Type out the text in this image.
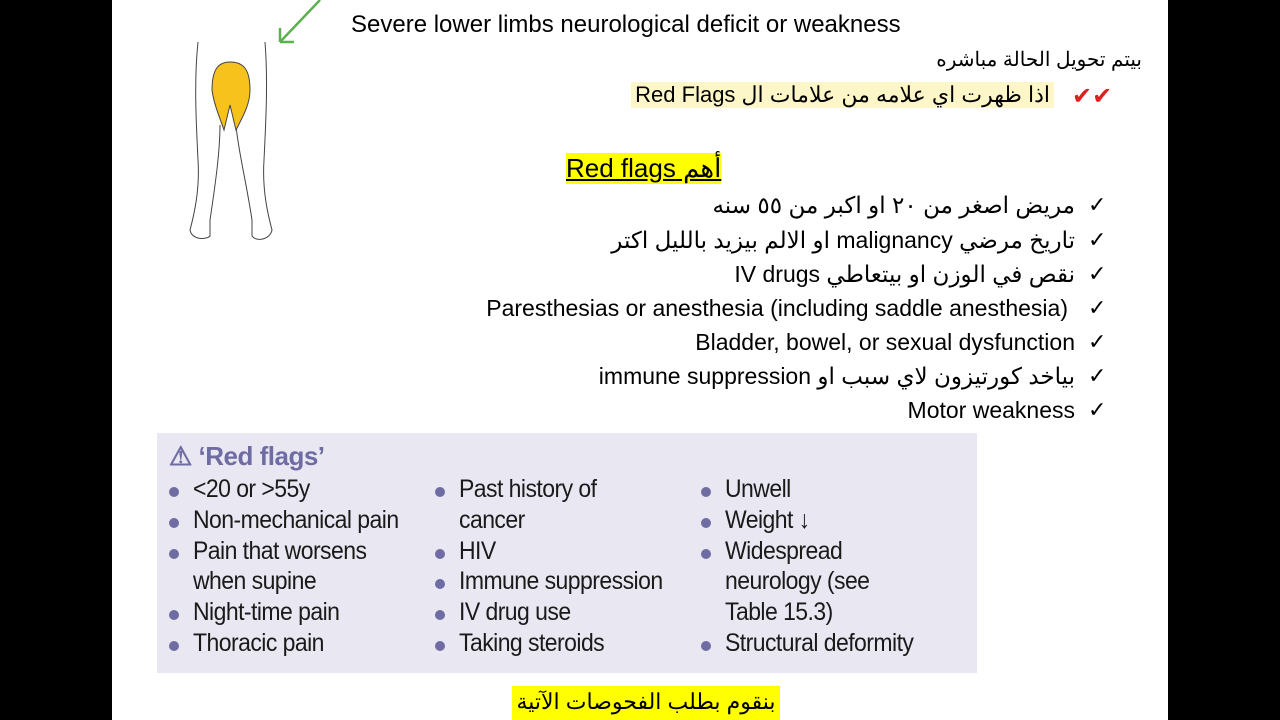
Severe lower limbs neurological deficit or weakness
بيتم تحويل الحالة مباشره
✔✔
اذا ظهرت اي علامه من علامات ال Red Flags
أهم Red flags
مريض اصغر من ٢٠ او اكبر من ٥٥ سنه
تاريخ مرضي malignancy او الالم بيزيد بالليل اكتر
نقص في الوزن او بيتعاطي IV drugs
Paresthesias or anesthesia (including saddle anesthesia)
Bladder, bowel, or sexual dysfunction
بياخد كورتيزون لاي سبب او immune suppression
Motor weakness
✓
✓
✓
✓
✓
✓
✓
⚠ ‘Red flags’
<20 or >55y
Non-mechanical pain
Pain that worsens
when supine
Night-time pain
Thoracic pain
Past history of
cancer
HIV
Immune suppression
IV drug use
Taking steroids
Unwell
Weight ↓
Widespread
neurology (see
Table 15.3)
Structural deformity
بنقوم بطلب الفحوصات الآتية
